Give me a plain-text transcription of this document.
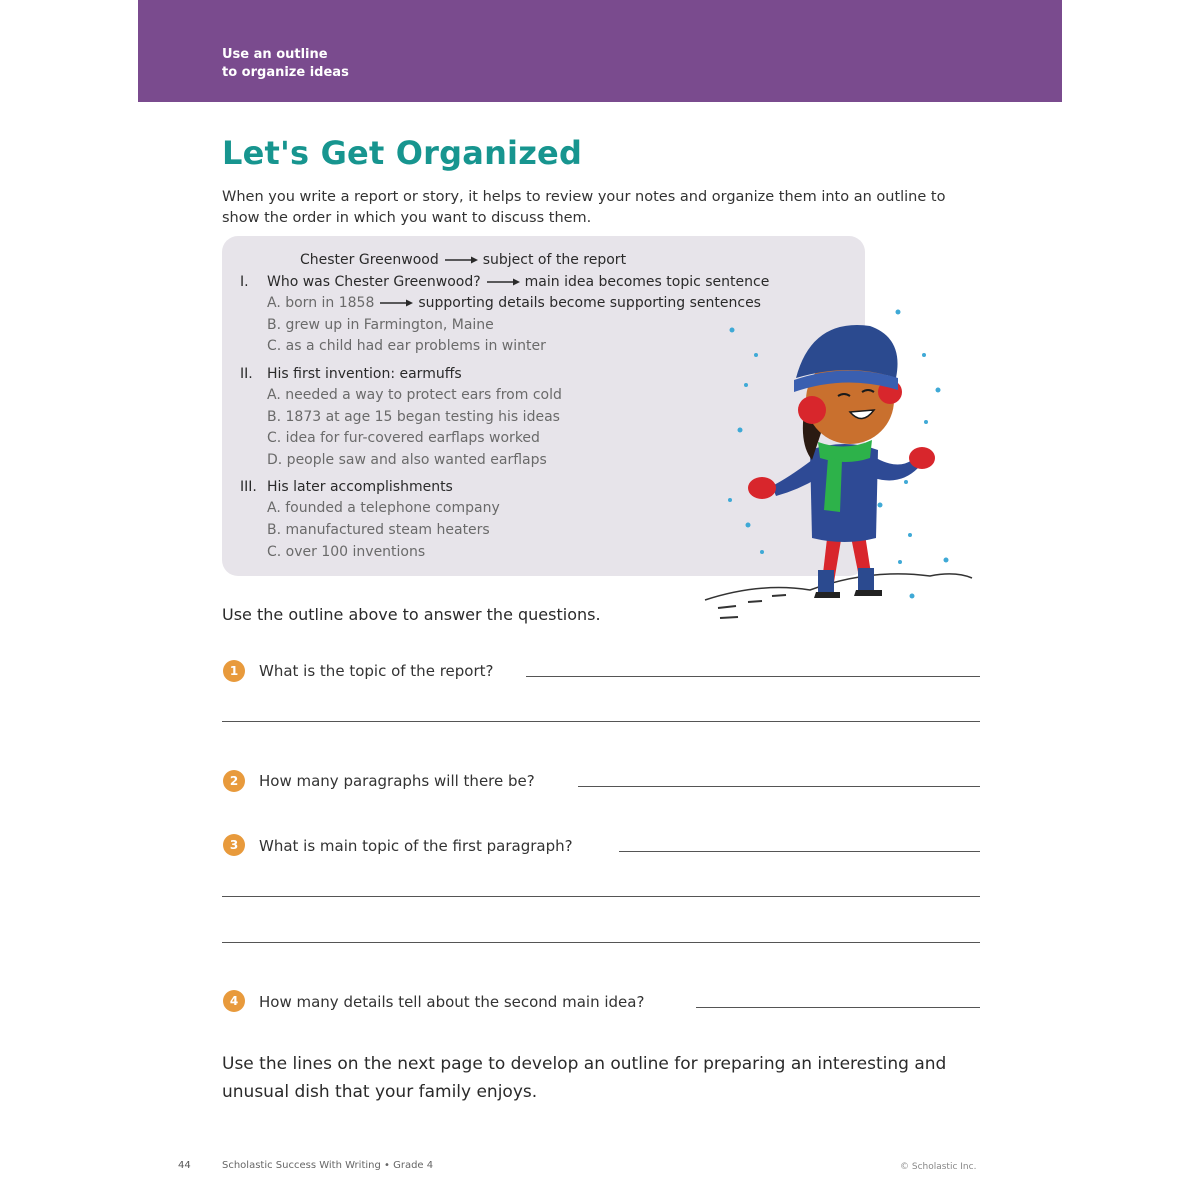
Use an outline
to organize ideas
Let's Get Organized
When you write a report or story, it helps to review your notes and organize them into an outline to show the order in which you want to discuss them.
Chester Greenwood	subject of the report
I. Who was Chester Greenwood?	main idea becomes topic sentence
A. born in 1858	supporting details become supporting sentences
B. grew up in Farmington, Maine
C. as a child had ear problems in winter
II. His first invention: earmuffs
A. needed a way to protect ears from cold
B. 1873 at age 15 began testing his ideas
C. idea for fur-covered earflaps worked
D. people saw and also wanted earflaps
III. His later accomplishments
A. founded a telephone company
B. manufactured steam heaters
C. over 100 inventions
Use the outline above to answer the questions.
1	What is the topic of the report?
2	How many paragraphs will there be?
3	What is main topic of the first paragraph?
4	How many details tell about the second main idea?
Use the lines on the next page to develop an outline for preparing an interesting and unusual dish that your family enjoys.
44	Scholastic Success With Writing • Grade 4	© Scholastic Inc.
